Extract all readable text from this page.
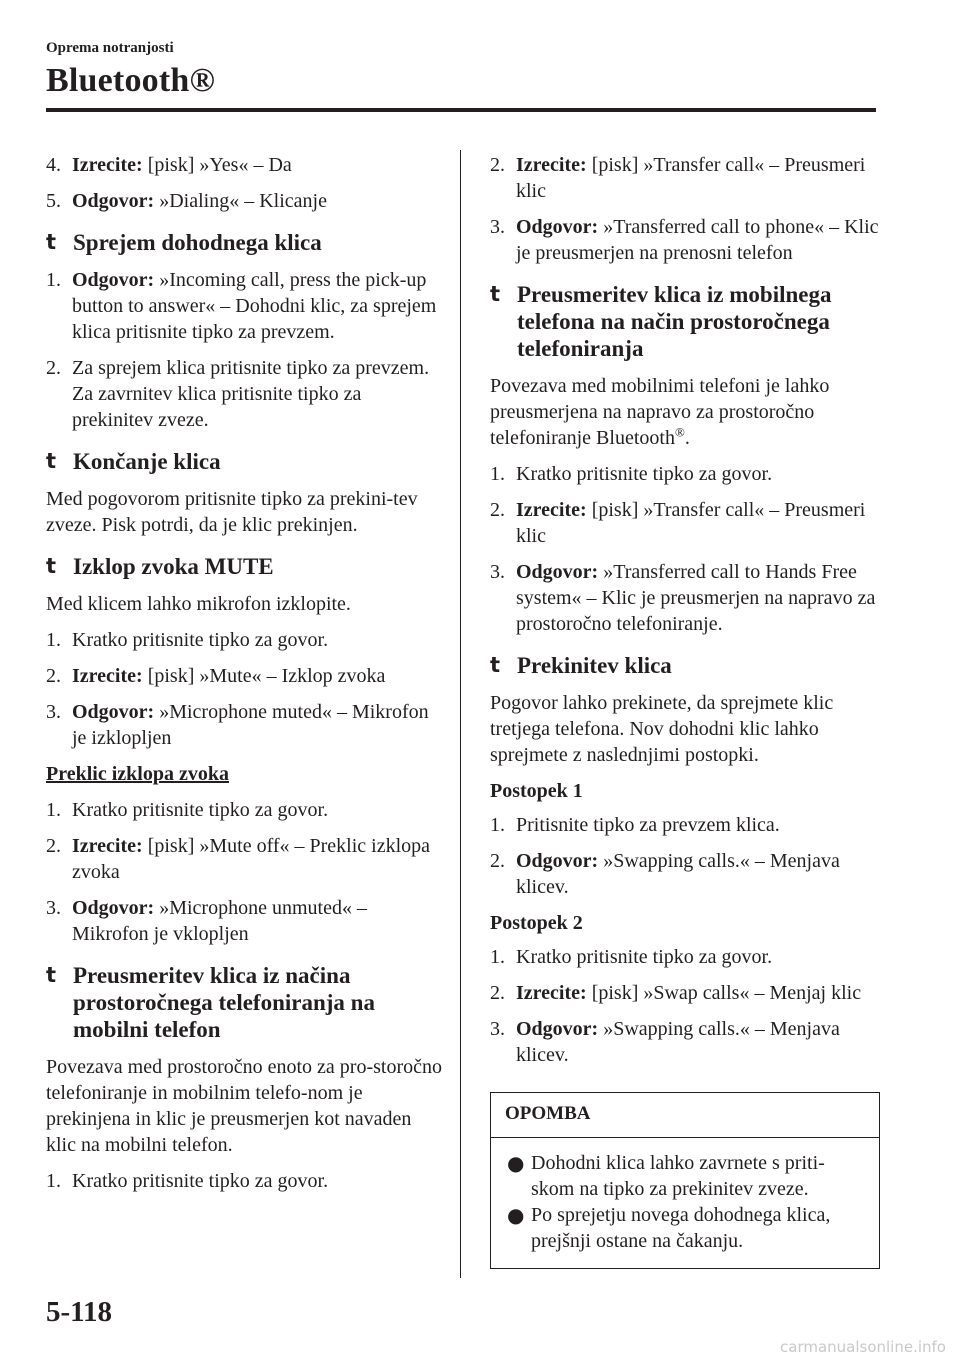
Oprema notranjosti
Bluetooth®
4. Izrecite: [pisk] »Yes« – Da
5. Odgovor: »Dialing« – Klicanje
t Sprejem dohodnega klica
1. Odgovor: »Incoming call, press the pick-up button to answer« – Dohodni klic, za sprejem klica pritisnite tipko za prevzem.
2. Za sprejem klica pritisnite tipko za prevzem.
Za zavrnitev klica pritisnite tipko za prekinitev zveze.
t Končanje klica
Med pogovorom pritisnite tipko za prekini-tev zveze. Pisk potrdi, da je klic prekinjen.
t Izklop zvoka MUTE
Med klicem lahko mikrofon izklopite.
1. Kratko pritisnite tipko za govor.
2. Izrecite: [pisk] »Mute« – Izklop zvoka
3. Odgovor: »Microphone muted« – Mikrofon je izklopljen
Preklic izklopa zvoka
1. Kratko pritisnite tipko za govor.
2. Izrecite: [pisk] »Mute off« – Preklic izklopa zvoka
3. Odgovor: »Microphone unmuted« – Mikrofon je vklopljen
t Preusmeritev klica iz načina prostoročnega telefoniranja na mobilni telefon
Povezava med prostoročno enoto za pro-storočno telefoniranje in mobilnim telefo-nom je prekinjena in klic je preusmerjen kot navaden klic na mobilni telefon.
1. Kratko pritisnite tipko za govor.
2. Izrecite: [pisk] »Transfer call« – Preusmeri klic
3. Odgovor: »Transferred call to phone« – Klic je preusmerjen na prenosni telefon
t Preusmeritev klica iz mobilnega telefona na način prostoročnega telefoniranja
Povezava med mobilnimi telefoni je lahko preusmerjena na napravo za prostoročno telefoniranje Bluetooth®.
1. Kratko pritisnite tipko za govor.
2. Izrecite: [pisk] »Transfer call« – Preusmeri klic
3. Odgovor: »Transferred call to Hands Free system« – Klic je preusmerjen na napravo za prostoročno telefoniranje.
t Prekinitev klica
Pogovor lahko prekinete, da sprejmete klic tretjega telefona. Nov dohodni klic lahko sprejmete z naslednjimi postopki.
Postopek 1
1. Pritisnite tipko za prevzem klica.
2. Odgovor: »Swapping calls.« – Menjava klicev.
Postopek 2
1. Kratko pritisnite tipko za govor.
2. Izrecite: [pisk] »Swap calls« – Menjaj klic
3. Odgovor: »Swapping calls.« – Menjava klicev.
OPOMBA
● Dohodni klica lahko zavrnete s priti-skom na tipko za prekinitev zveze.
● Po sprejetju novega dohodnega klica, prejšnji ostane na čakanju.
5-118
carmanualsonline.info
